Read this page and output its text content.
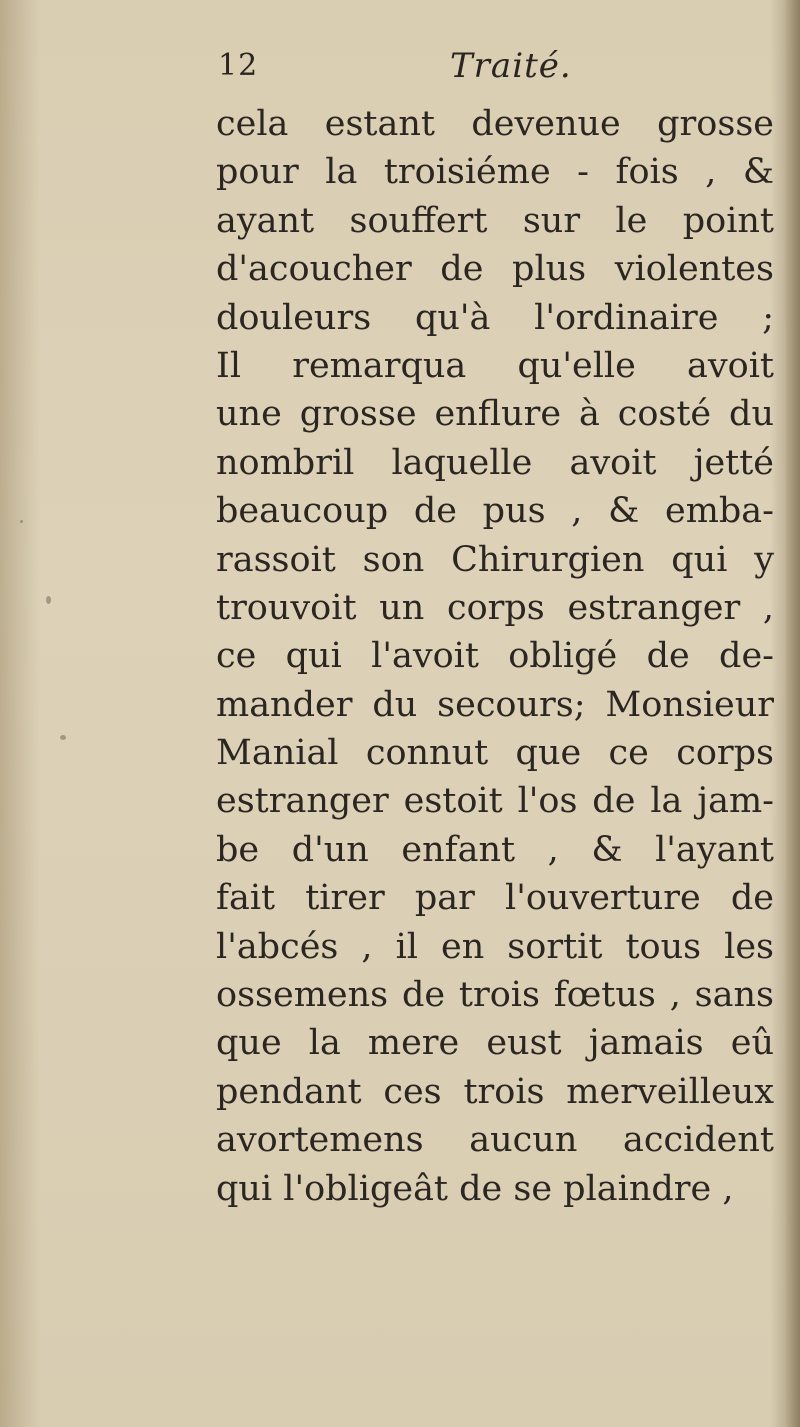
12	Traité.
cela estant devenue grosse
pour la troisiéme - fois , &
ayant souffert sur le point
d'acoucher de plus violentes
douleurs qu'à l'ordinaire ;
Il remarqua qu'elle avoit
une grosse enflure à costé du
nombril laquelle avoit jetté
beaucoup de pus , & emba-
rassoit son Chirurgien qui y
trouvoit un corps estranger ,
ce qui l'avoit obligé de de-
mander du secours; Monsieur
Manial connut que ce corps
estranger estoit l'os de la jam-
be d'un enfant , & l'ayant
fait tirer par l'ouverture de
l'abcés , il en sortit tous les
ossemens de trois fœtus , sans
que la mere eust jamais eû
pendant ces trois merveilleux
avortemens aucun accident
qui l'obligeât de se plaindre ,
